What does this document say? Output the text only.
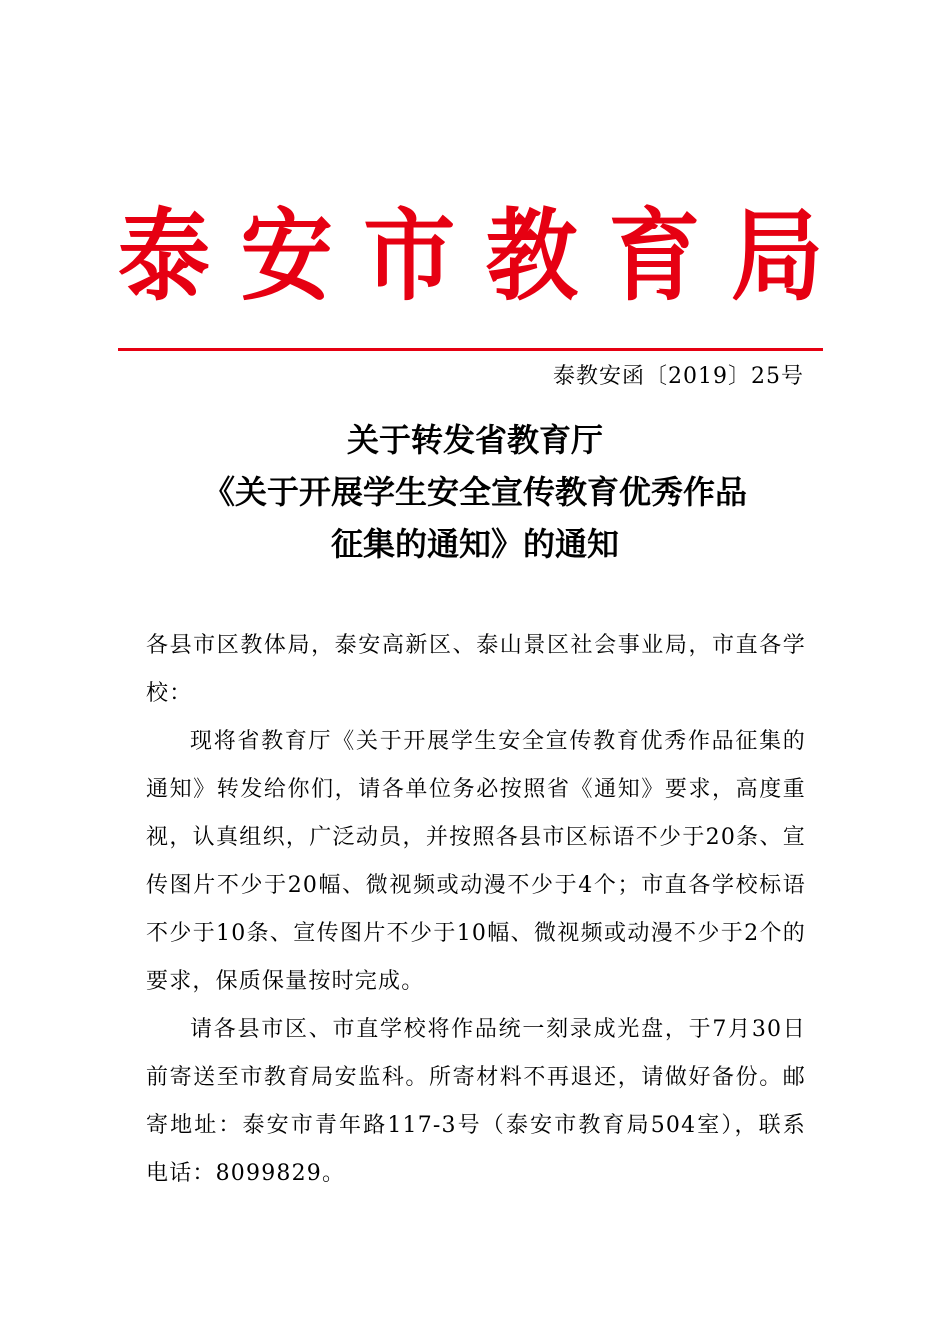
泰 安 市 教 育 局
泰教安函〔2019〕25号
关于转发省教育厅
《关于开展学生安全宣传教育优秀作品
征集的通知》的通知

各县市区教体局，泰安高新区、泰山景区社会事业局，市直各学校：

现将省教育厅《关于开展学生安全宣传教育优秀作品征集的通知》转发给你们，请各单位务必按照省《通知》要求，高度重视，认真组织，广泛动员，并按照各县市区标语不少于20条、宣传图片不少于20幅、微视频或动漫不少于4个；市直各学校标语不少于10条、宣传图片不少于10幅、微视频或动漫不少于2个的要求，保质保量按时完成。

请各县市区、市直学校将作品统一刻录成光盘，于7月30日前寄送至市教育局安监科。所寄材料不再退还，请做好备份。邮寄地址：泰安市青年路117-3号（泰安市教育局504室），联系电话：8099829。
